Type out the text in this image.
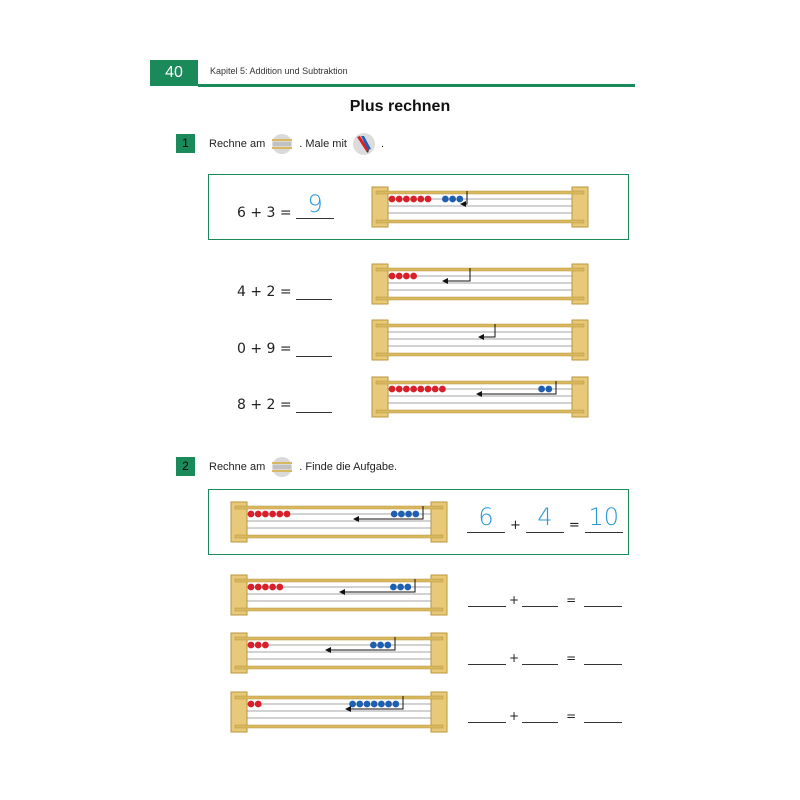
40	Kapitel 5: Addition und Subtraktion
Plus rechnen
1	Rechne am	. Male mit	.
6 + 3 = 9
4 + 2 =
0 + 9 =
8 + 2 =
2	Rechne am	. Finde die Aufgabe.
6	+ 4	= 10
+	=
+	=
+	=
